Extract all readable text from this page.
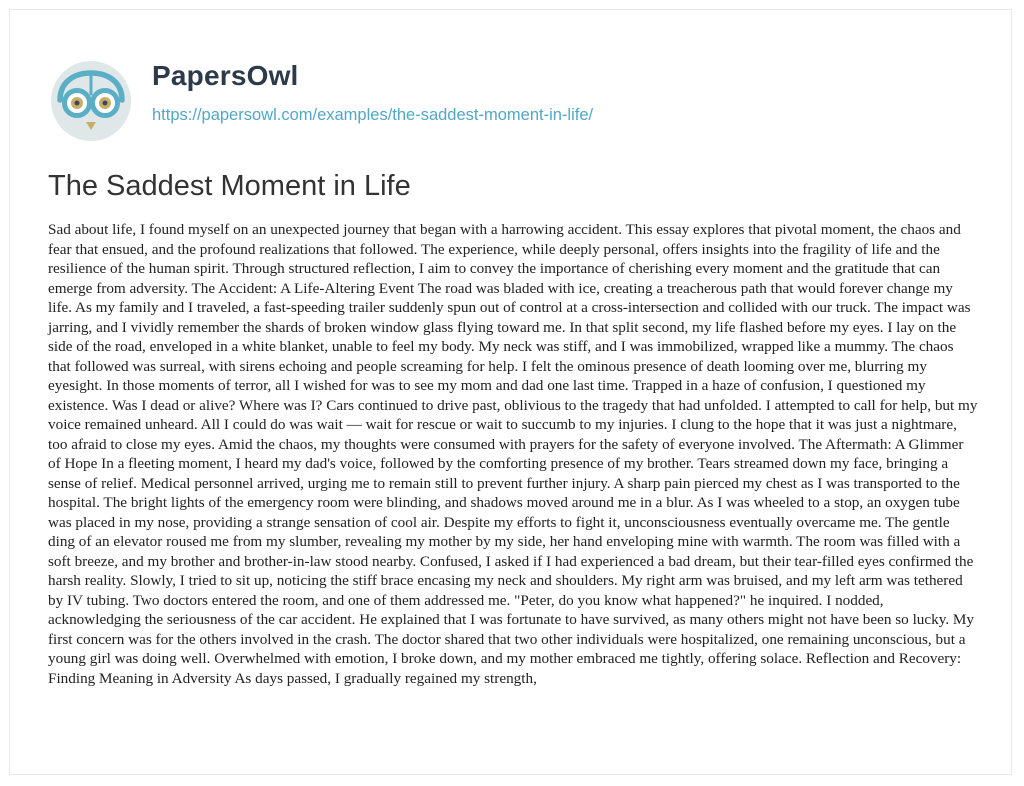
PapersOwl
https://papersowl.com/examples/the-saddest-moment-in-life/
The Saddest Moment in Life

Sad about life, I found myself on an unexpected journey that began with a harrowing accident. This essay explores that pivotal moment, the chaos and fear that ensued, and the profound realizations that followed. The experience, while deeply personal, offers insights into the fragility of life and the resilience of the human spirit. Through structured reflection, I aim to convey the importance of cherishing every moment and the gratitude that can emerge from adversity. The Accident: A Life-Altering Event The road was bladed with ice, creating a treacherous path that would forever change my life. As my family and I traveled, a fast-speeding trailer suddenly spun out of control at a cross-intersection and collided with our truck. The impact was jarring, and I vividly remember the shards of broken window glass flying toward me. In that split second, my life flashed before my eyes. I lay on the side of the road, enveloped in a white blanket, unable to feel my body. My neck was stiff, and I was immobilized, wrapped like a mummy. The chaos that followed was surreal, with sirens echoing and people screaming for help. I felt the ominous presence of death looming over me, blurring my eyesight. In those moments of terror, all I wished for was to see my mom and dad one last time. Trapped in a haze of confusion, I questioned my existence. Was I dead or alive? Where was I? Cars continued to drive past, oblivious to the tragedy that had unfolded. I attempted to call for help, but my voice remained unheard. All I could do was wait — wait for rescue or wait to succumb to my injuries. I clung to the hope that it was just a nightmare, too afraid to close my eyes. Amid the chaos, my thoughts were consumed with prayers for the safety of everyone involved. The Aftermath: A Glimmer of Hope In a fleeting moment, I heard my dad's voice, followed by the comforting presence of my brother. Tears streamed down my face, bringing a sense of relief. Medical personnel arrived, urging me to remain still to prevent further injury. A sharp pain pierced my chest as I was transported to the hospital. The bright lights of the emergency room were blinding, and shadows moved around me in a blur. As I was wheeled to a stop, an oxygen tube was placed in my nose, providing a strange sensation of cool air. Despite my efforts to fight it, unconsciousness eventually overcame me. The gentle ding of an elevator roused me from my slumber, revealing my mother by my side, her hand enveloping mine with warmth. The room was filled with a soft breeze, and my brother and brother-in-law stood nearby. Confused, I asked if I had experienced a bad dream, but their tear-filled eyes confirmed the harsh reality. Slowly, I tried to sit up, noticing the stiff brace encasing my neck and shoulders. My right arm was bruised, and my left arm was tethered by IV tubing. Two doctors entered the room, and one of them addressed me. "Peter, do you know what happened?" he inquired. I nodded, acknowledging the seriousness of the car accident. He explained that I was fortunate to have survived, as many others might not have been so lucky. My first concern was for the others involved in the crash. The doctor shared that two other individuals were hospitalized, one remaining unconscious, but a young girl was doing well. Overwhelmed with emotion, I broke down, and my mother embraced me tightly, offering solace. Reflection and Recovery: Finding Meaning in Adversity As days passed, I gradually regained my strength,
